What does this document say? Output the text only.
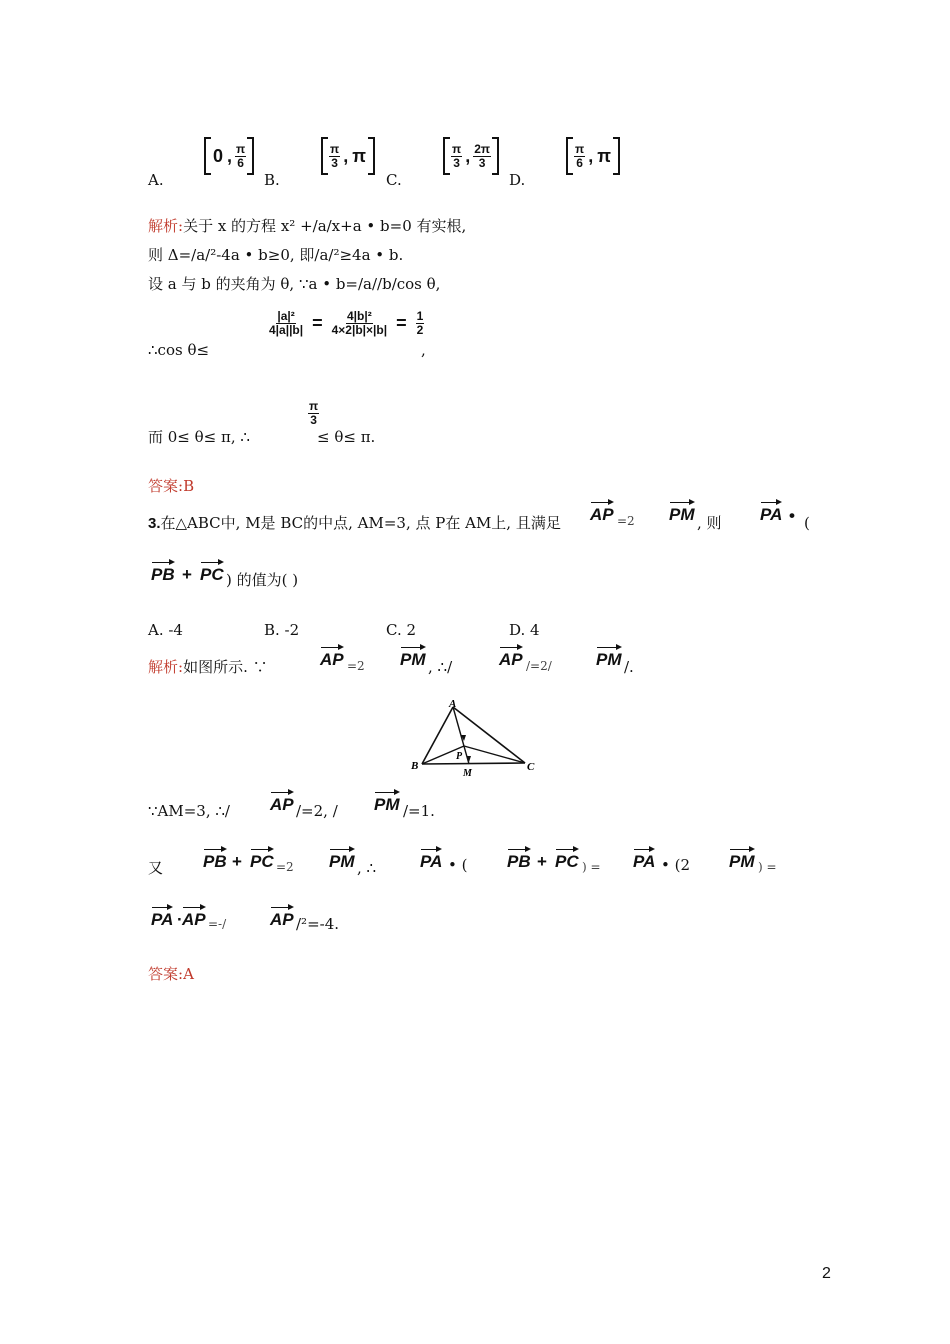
A.
0 , $\frac{\pi}{6}$
B.
$\frac{\pi}{3}$ , π
C.
$\frac{\pi}{3}$ , $\frac{2\pi}{3}$
D.
$\frac{\pi}{6}$ , π
解析:关于 x 的方程 x² +/a/x+a • b=0 有实根,
则 Δ=/a/²-4a • b≥0, 即/a/²≥4a • b.
设 a 与 b 的夹角为 θ, ∵a • b=/a//b/cos θ,
∴cos θ≤
$\frac{\text{|a|²}}{4|a||b|} = \frac{\text{4|b|²}}{4\times 2|b|\times|b|} = \frac{1}{2}$
,
而 0≤ θ≤ π, ∴
$\frac{\pi}{3}$
≤ θ≤ π.
答案:B
3.在△ABC中, M是 BC的中点, AM=3, 点 P在 AM上, 且满足 AP =2 PM , 则 PA • (
PB + PC ) 的值为( )
A. -4	B. -2	C. 2	D. 4
解析:如图所示. ∵	AP =2 PM , ∴/	AP /=2/	PM /.
A
B	C
P
M
∵AM=3, ∴/ AP /=2, / PM /=1.
又 PB + PC =2 PM , ∴	PA • ( PB + PC ) = PA • (2 PM ) =
PA · AP =-/	AP /²=-4.
答案:A
2
